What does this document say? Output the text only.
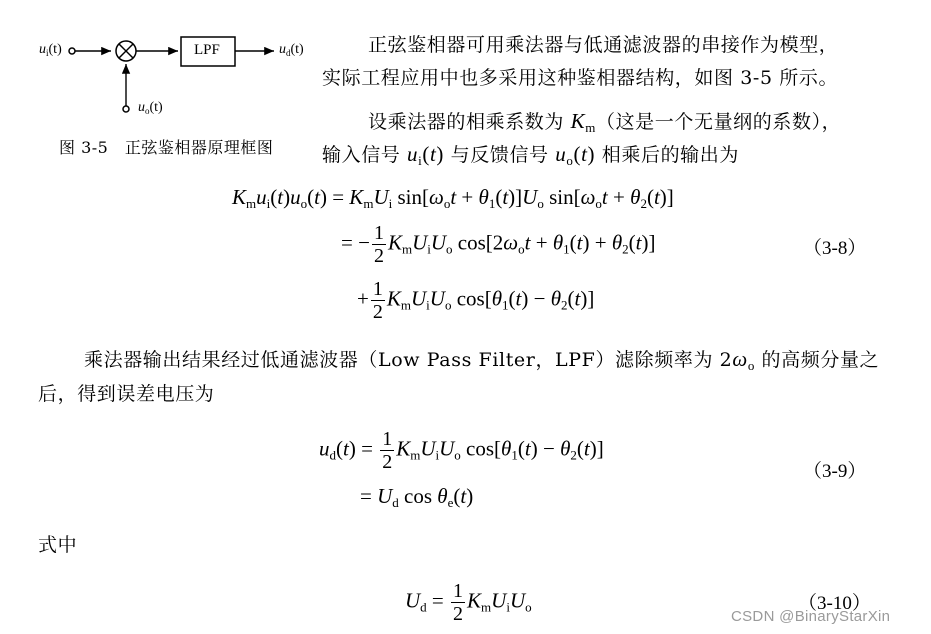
LPF
$u_i(t)$	$u_d(t)$
$u_o(t)$
图 3-5　正弦鉴相器原理框图
正弦鉴相器可用乘法器与低通滤波器的串接作为模型，
实际工程应用中也多采用这种鉴相器结构，如图 3-5 所示。
设乘法器的相乘系数为 $K_m$（这是一个无量纲的系数），
输入信号 $u_i(t)$ 与反馈信号 $u_o(t)$ 相乘后的输出为
$K_mu_i(t)u_o(t) = K_mU_i$ $\sin[\omega_ot + \theta_1(t)]U_o$ $\sin[\omega_ot + \theta_2(t)]$
= − $\frac{1}{2} K_mU_iU_o$ $\cos[2\omega_ot + \theta_1(t) + \theta_2(t)]$	（3-8）
+ $\frac{1}{2} K_mU_iU_o$ $\cos[\theta_1(t) - \theta_2(t)]$
乘法器输出结果经过低通滤波器（Low Pass Filter，LPF）滤除频率为 $2\omega_o$ 的高频分量之
后，得到误差电压为
$u_d(t) = \frac{1}{2} K_mU_iU_o$ $\cos[\theta_1(t) - \theta_2(t)]$
（3-9）
= $U_d$ $\cos \theta_e(t)$
式中
$U_d = \frac{1}{2} K_mU_iU_o$	（3-10）
CSDN @BinaryStarXin
